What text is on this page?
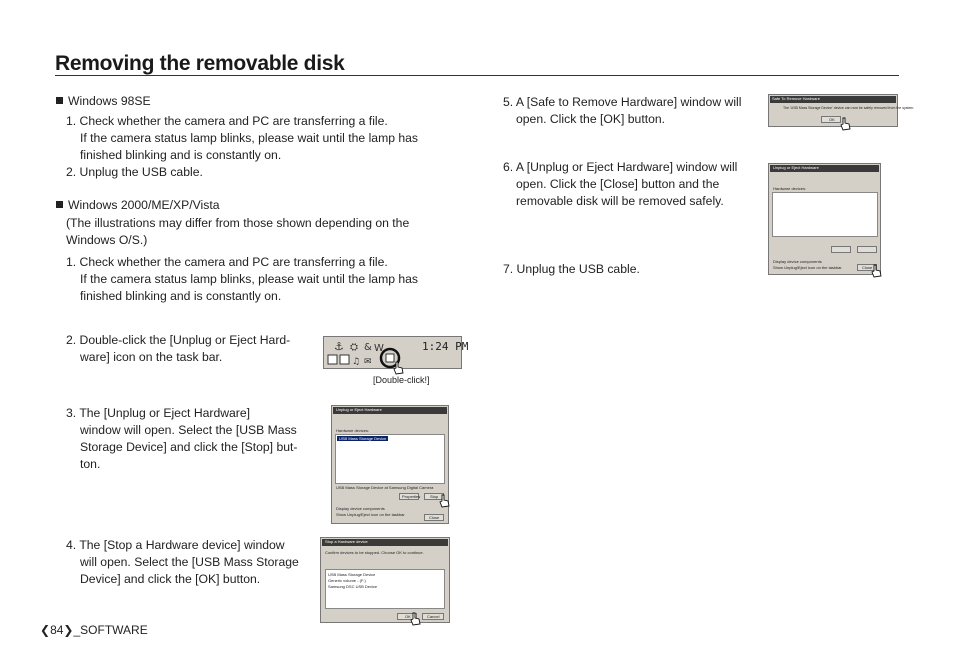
Removing the removable disk
Windows 98SE
1. Check whether the camera and PC are transferring a file.
If the camera status lamp blinks, please wait until the lamp has
finished blinking and is constantly on.
2. Unplug the USB cable.
Windows 2000/ME/XP/Vista
(The illustrations may differ from those shown depending on the
Windows O/S.)
1. Check whether the camera and PC are transferring a file.
If the camera status lamp blinks, please wait until the lamp has
finished blinking and is constantly on.
2. Double-click the [Unplug or Eject Hard-
ware] icon on the task bar.
⚓ ⛭ & W
♫ ✉
1:24 PM
[Double-click!]
3. The [Unplug or Eject Hardware]
window will open. Select the [USB Mass
Storage Device] and click the [Stop] but-
ton.
Unplug or Eject Hardware
Hardware devices:
USB Mass Storage Device
USB Mass Storage Device at Samsung Digital Camera
Properties Stop
Display device components
Show Unplug/Eject icon on the taskbar
Close
4. The [Stop a Hardware device] window
will open. Select the [USB Mass Storage
Device] and click the [OK] button.
Stop a Hardware device
Confirm devices to be stopped. Choose OK to continue.
USB Mass Storage Device
Generic volume - (F:)
Samsung DSC USB Device
OK	Cancel
5. A [Safe to Remove Hardware] window will
open. Click the [OK] button.
Safe To Remove Hardware
The 'USB Mass Storage Device' device can now be safely removed from the system.
OK
6. A [Unplug or Eject Hardware] window will
open. Click the [Close] button and the
removable disk will be removed safely.
Unplug or Eject Hardware
Hardware devices:
Display device components
Show Unplug/Eject icon on the taskbar	Close
7. Unplug the USB cable.
❮84❯_SOFTWARE
